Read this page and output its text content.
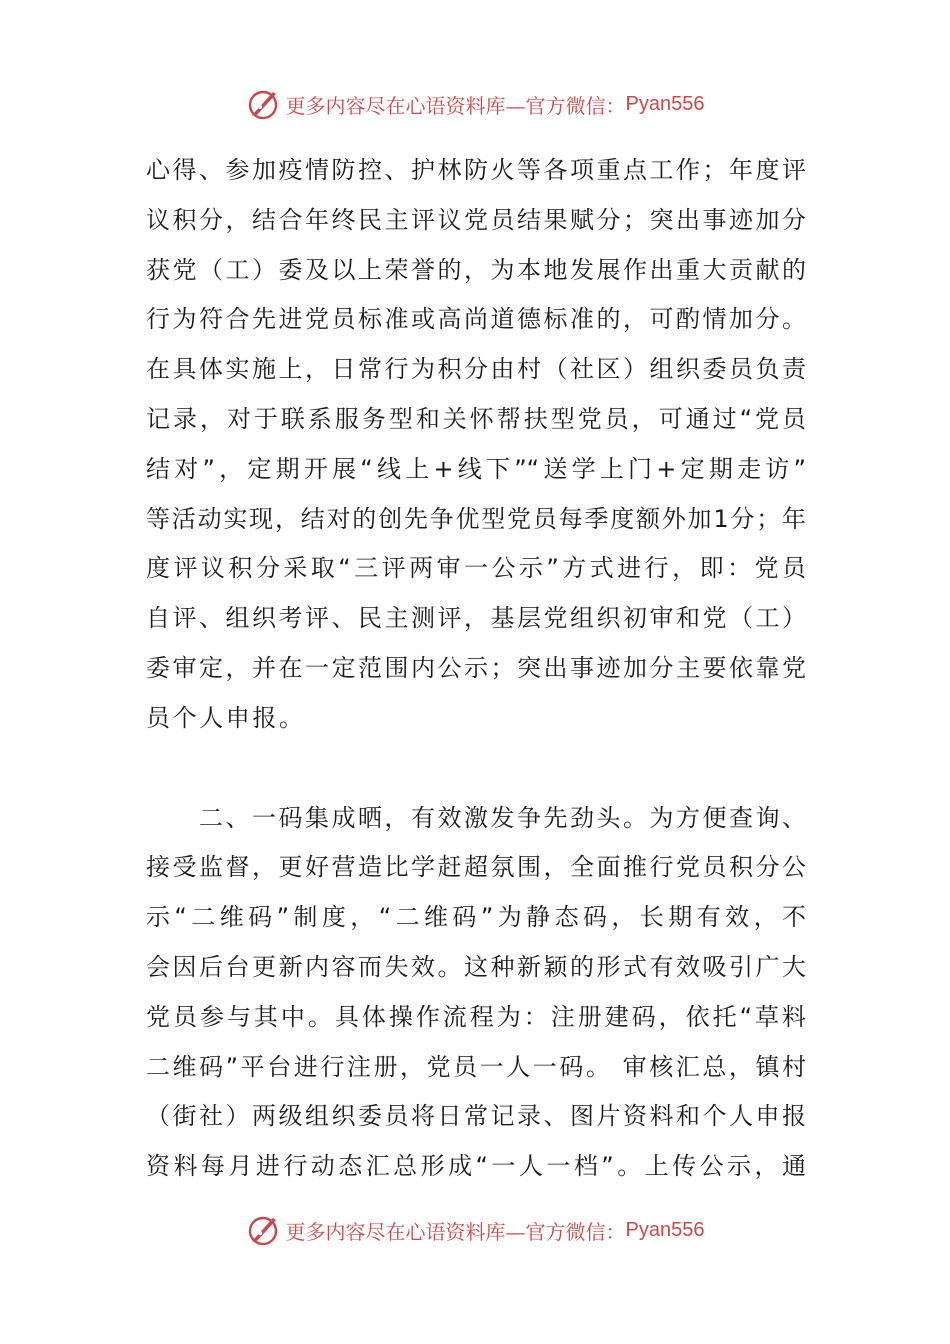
更多内容尽在心语资料库—官方微信： Pyan556
心得、参加疫情防控、护林防火等各项重点工作；年度评
议积分，结合年终民主评议党员结果赋分；突出事迹加分
获党（工）委及以上荣誉的，为本地发展作出重大贡献的
行为符合先进党员标准或高尚道德标准的，可酌情加分。
在具体实施上，日常行为积分由村（社区）组织委员负责
记录，对于联系服务型和关怀帮扶型党员，可通过“党员
结对”，定期开展“线上+线下”“送学上门+定期走访”
等活动实现，结对的创先争优型党员每季度额外加1分；年
度评议积分采取“三评两审一公示”方式进行，即：党员
自评、组织考评、民主测评，基层党组织初审和党（工）
委审定，并在一定范围内公示；突出事迹加分主要依靠党
员个人申报。
　　二、一码集成晒，有效激发争先劲头。为方便查询、
接受监督，更好营造比学赶超氛围，全面推行党员积分公
示“二维码”制度，“二维码”为静态码，长期有效，不
会因后台更新内容而失效。这种新颖的形式有效吸引广大
党员参与其中。具体操作流程为：注册建码，依托“草料
二维码”平台进行注册，党员一人一码。 审核汇总，镇村
（街社）两级组织委员将日常记录、图片资料和个人申报
资料每月进行动态汇总形成“一人一档”。上传公示，通
更多内容尽在心语资料库—官方微信： Pyan556
